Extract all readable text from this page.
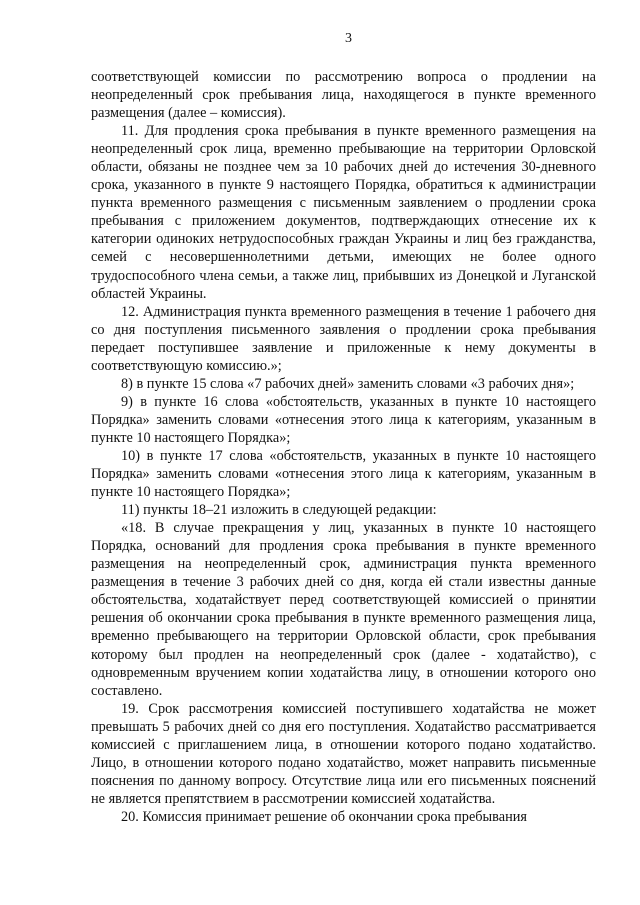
3

соответствующей комиссии по рассмотрению вопроса о продлении на неопределенный срок пребывания лица, находящегося в пункте временного размещения (далее – комиссия).

11. Для продления срока пребывания в пункте временного размещения на неопределенный срок лица, временно пребывающие на территории Орловской области, обязаны не позднее чем за 10 рабочих дней до истечения 30-дневного срока, указанного в пункте 9 настоящего Порядка, обратиться к администрации пункта временного размещения с письменным заявлением о продлении срока пребывания с приложением документов, подтверждающих отнесение их к категории одиноких нетрудоспособных граждан Украины и лиц без гражданства, семей с несовершеннолетними детьми, имеющих не более одного трудоспособного члена семьи, а также лиц, прибывших из Донецкой и Луганской областей Украины.

12. Администрация пункта временного размещения в течение 1 рабочего дня со дня поступления письменного заявления о продлении срока пребывания передает поступившее заявление и приложенные к нему документы в соответствующую комиссию.»;

8) в пункте 15 слова «7 рабочих дней» заменить словами «3 рабочих дня»;

9) в пункте 16 слова «обстоятельств, указанных в пункте 10 настоящего Порядка» заменить словами «отнесения этого лица к категориям, указанным в пункте 10 настоящего Порядка»;

10) в пункте 17 слова «обстоятельств, указанных в пункте 10 настоящего Порядка» заменить словами «отнесения этого лица к категориям, указанным в пункте 10 настоящего Порядка»;

11) пункты 18–21 изложить в следующей редакции:

«18. В случае прекращения у лиц, указанных в пункте 10 настоящего Порядка, оснований для продления срока пребывания в пункте временного размещения на неопределенный срок, администрация пункта временного размещения в течение 3 рабочих дней со дня, когда ей стали известны данные обстоятельства, ходатайствует перед соответствующей комиссией о принятии решения об окончании срока пребывания в пункте временного размещения лица, временно пребывающего на территории Орловской области, срок пребывания которому был продлен на неопределенный срок (далее - ходатайство), с одновременным вручением копии ходатайства лицу, в отношении которого оно составлено.

19. Срок рассмотрения комиссией поступившего ходатайства не может превышать 5 рабочих дней со дня его поступления. Ходатайство рассматривается комиссией с приглашением лица, в отношении которого подано ходатайство. Лицо, в отношении которого подано ходатайство, может направить письменные пояснения по данному вопросу. Отсутствие лица или его письменных пояснений не является препятствием в рассмотрении комиссией ходатайства.

20. Комиссия принимает решение об окончании срока пребывания
